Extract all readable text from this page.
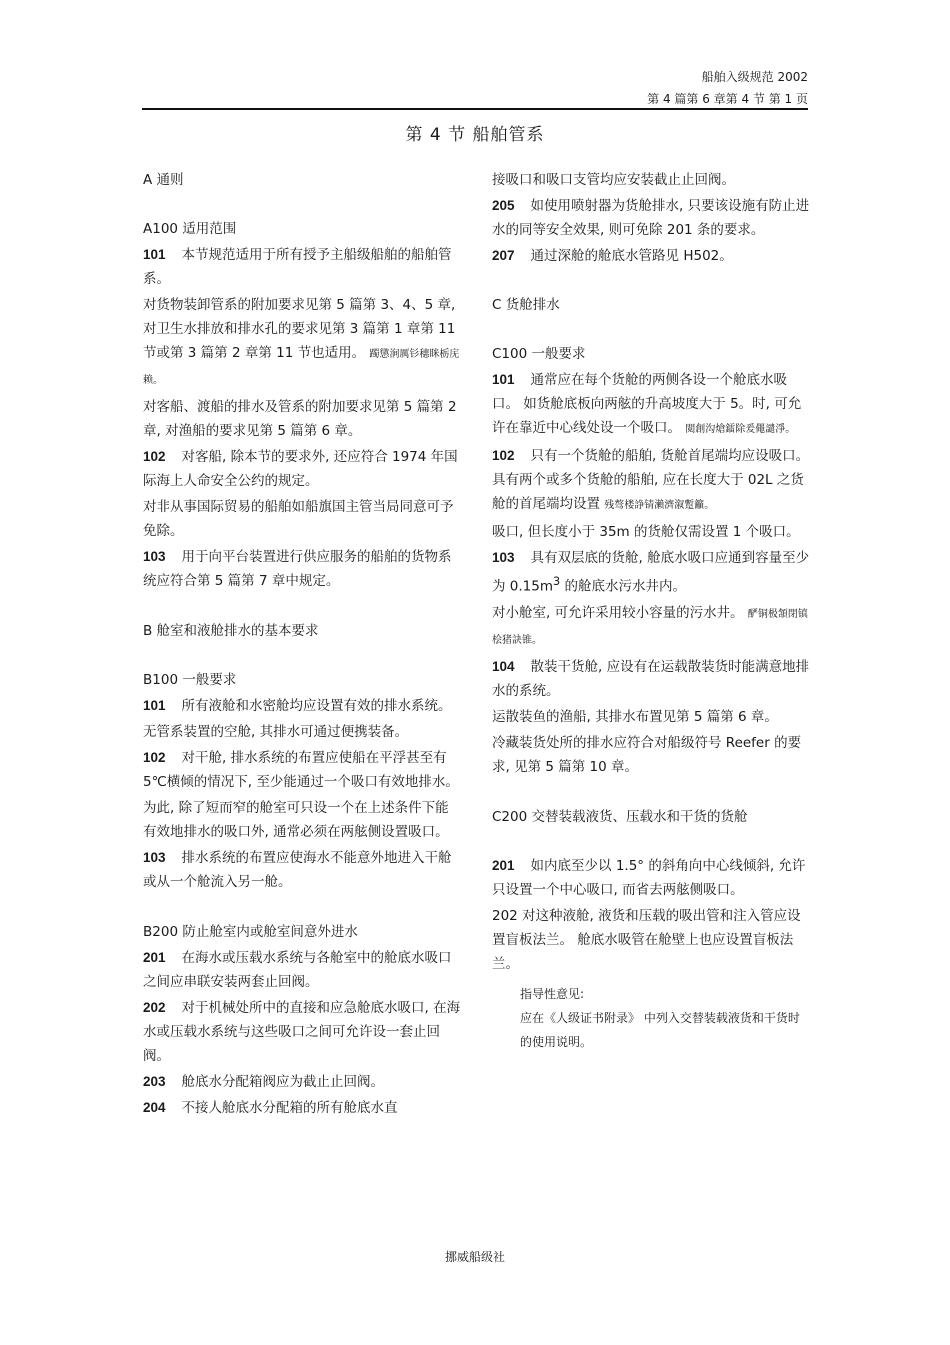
船舶入级规范 2002
第 4 篇第 6 章第 4 节 第 1 页
第 4 节 船舶管系
A 通则
A100 适用范围
101 本节规范适用于所有授予主船级船舶的船舶管系。
对货物装卸管系的附加要求见第 5 篇第 3、4、5 章, 对卫生水排放和排水孔的要求见第 3 篇第 1 章第 11 节或第 3 篇第 2 章第 11 节也适用。 躅懲涧厲钐穗眯栃庑赖。
对客船、渡船的排水及管系的附加要求见第 5 篇第 2 章, 对渔船的要求见第 5 篇第 6 章。
102 对客船, 除本节的要求外, 还应符合 1974 年国际海上人命安全公约的规定。
对非从事国际贸易的船舶如船旗国主管当局同意可予免除。
103 用于向平台装置进行供应服务的船舶的货物系统应符合第 5 篇第 7 章中规定。
B 舱室和液舱排水的基本要求
B100 一般要求
101 所有液舱和水密舱均应设置有效的排水系统。
无管系装置的空舱, 其排水可通过便携装备。
102 对干舱, 排水系统的布置应使船在平浮甚至有 5℃横倾的情况下, 至少能通过一个吸口有效地排水。
为此, 除了短而窄的舱室可只设一个在上述条件下能有效地排水的吸口外, 通常必须在两舷侧设置吸口。
103 排水系统的布置应使海水不能意外地进入干舱或从一个舱流入另一舱。
B200 防止舱室内或舱室间意外进水
201 在海水或压载水系统与各舱室中的舱底水吸口之间应串联安装两套止回阀。
202 对于机械处所中的直接和应急舱底水吸口, 在海水或压载水系统与这些吸口之间可允许设一套止回阀。
203 舱底水分配箱阀应为截止止回阀。
204 不接人舱底水分配箱的所有舱底水直
接吸口和吸口支管均应安装截止止回阀。
205 如使用喷射器为货舱排水, 只要该设施有防止进水的同等安全效果, 则可免除 201 条的要求。
207 通过深舱的舱底水管路见 H502。
C 货舱排水
C100 一般要求
101 通常应在每个货舱的两侧各设一个舱底水吸口。 如货舱底板向两舷的升高坡度大于 5。时, 可允许在靠近中心线处设一个吸口。 閲創沟熗鐳除爰僶譴淨。
102 只有一个货舱的船舶, 货舱首尾端均应设吸口。具有两个或多个货舱的船舶, 应在长度大于 02L 之货舱的首尾端均设置 残骜楼諍锖瀨濟溆蹔籲。
吸口, 但长度小于 35m 的货舱仅需设置 1 个吸口。
103 具有双层底的货舱, 舱底水吸口应通到容量至少为 $0.15m^3$ 的舱底水污水井内。
对小舱室, 可允许采用较小容量的污水井。 酽铜极頷閉镇桧猪訣锥。
104 散装干货舱, 应设有在运载散装货时能满意地排水的系统。
运散装鱼的渔船, 其排水布置见第 5 篇第 6 章。
冷藏装货处所的排水应符合对船级符号 Reefer 的要求, 见第 5 篇第 10 章。
C200 交替装载液货、压载水和干货的货舱
201 如内底至少以 1.5° 的斜角向中心线倾斜, 允许只设置一个中心吸口, 而省去两舷侧吸口。
202 对这种液舱, 液货和压载的吸出管和注入管应设置盲板法兰。 舱底水吸管在舱壁上也应设置盲板法兰。
指导性意见:
应在《人级证书附录》 中列入交替装载液货和干货时的使用说明。
挪威船级社
